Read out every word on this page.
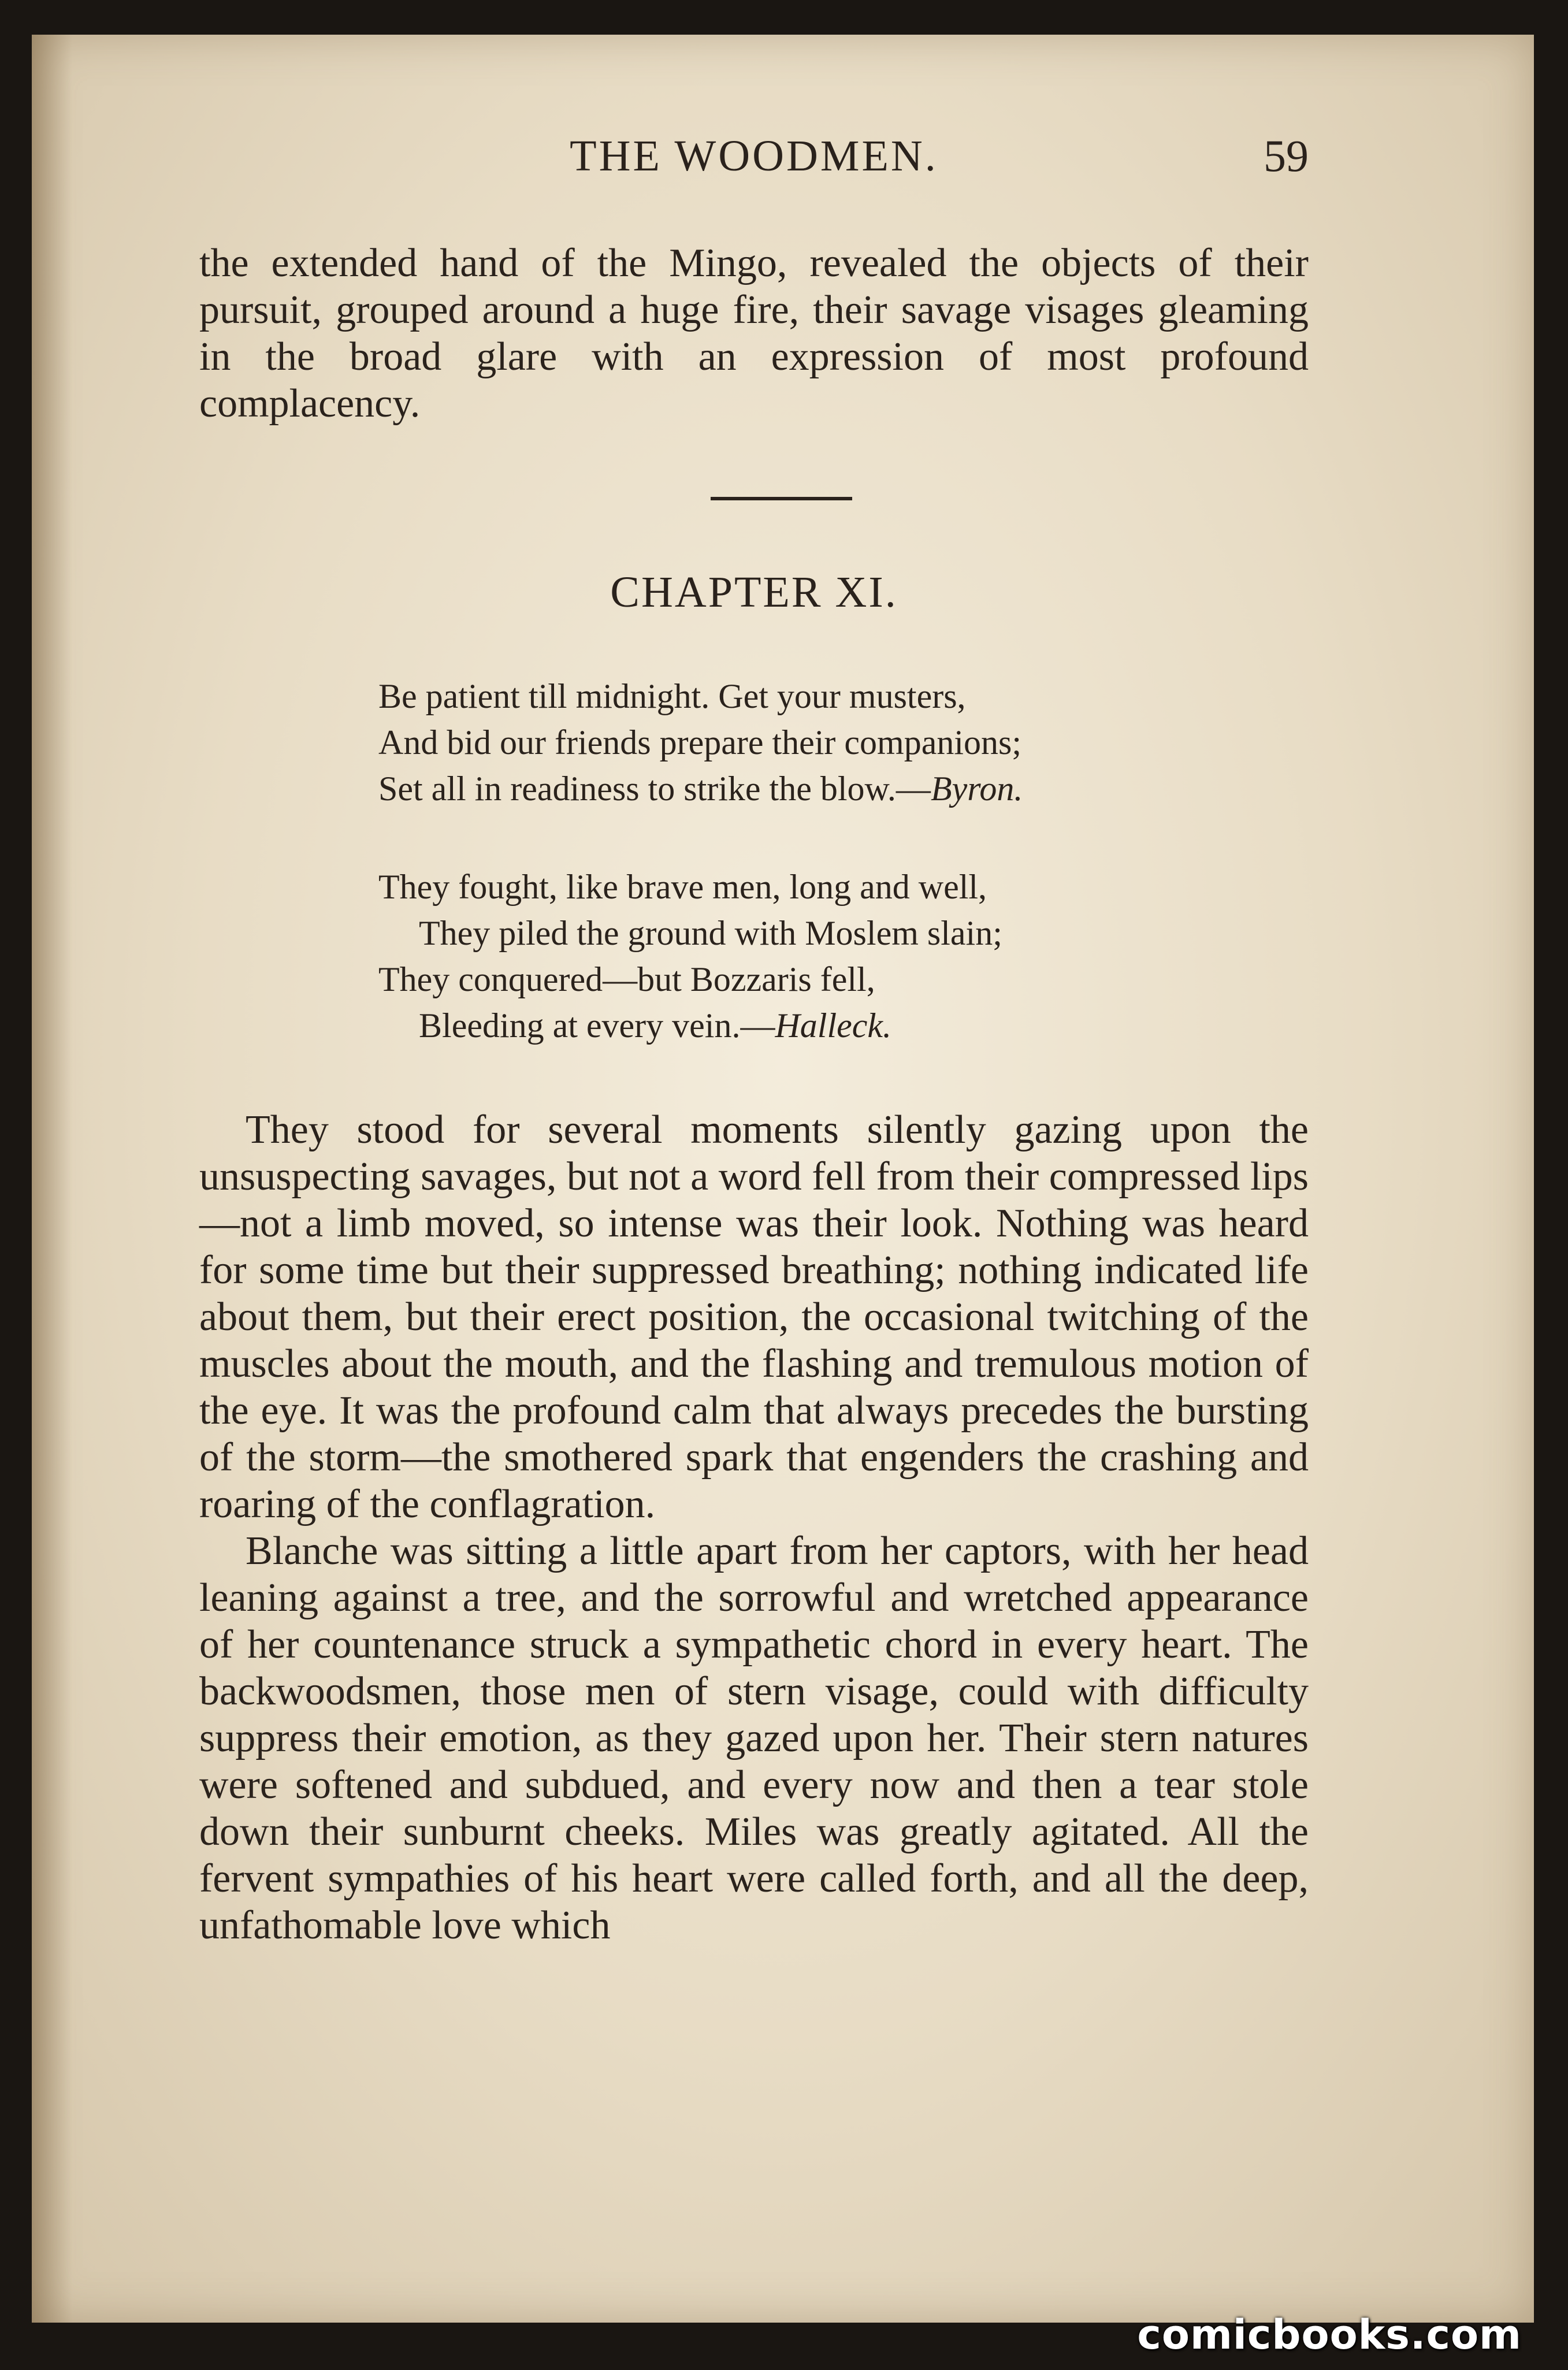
THE WOODMEN.	59

the extended hand of the Mingo, revealed the objects of their pursuit, grouped around a huge fire, their savage visages gleaming in the broad glare with an expression of most profound complacency.

CHAPTER XI.
Be patient till midnight. Get your musters,
And bid our friends prepare their companions;
Set all in readiness to strike the blow.—Byron.
They fought, like brave men, long and well,
They piled the ground with Moslem slain;
They conquered—but Bozzaris fell,
Bleeding at every vein.—Halleck.

They stood for several moments silently gazing upon the unsuspecting savages, but not a word fell from their compressed lips—not a limb moved, so intense was their look. Nothing was heard for some time but their suppressed breathing; nothing indicated life about them, but their erect position, the occasional twitching of the muscles about the mouth, and the flashing and tremulous motion of the eye. It was the profound calm that always precedes the bursting of the storm—the smothered spark that engenders the crashing and roaring of the conflagration.

Blanche was sitting a little apart from her captors, with her head leaning against a tree, and the sorrowful and wretched appearance of her countenance struck a sympathetic chord in every heart. The backwoodsmen, those men of stern visage, could with difficulty suppress their emotion, as they gazed upon her. Their stern natures were softened and subdued, and every now and then a tear stole down their sunburnt cheeks. Miles was greatly agitated. All the fervent sympathies of his heart were called forth, and all the deep, unfathomable love which

comicbooks.com
